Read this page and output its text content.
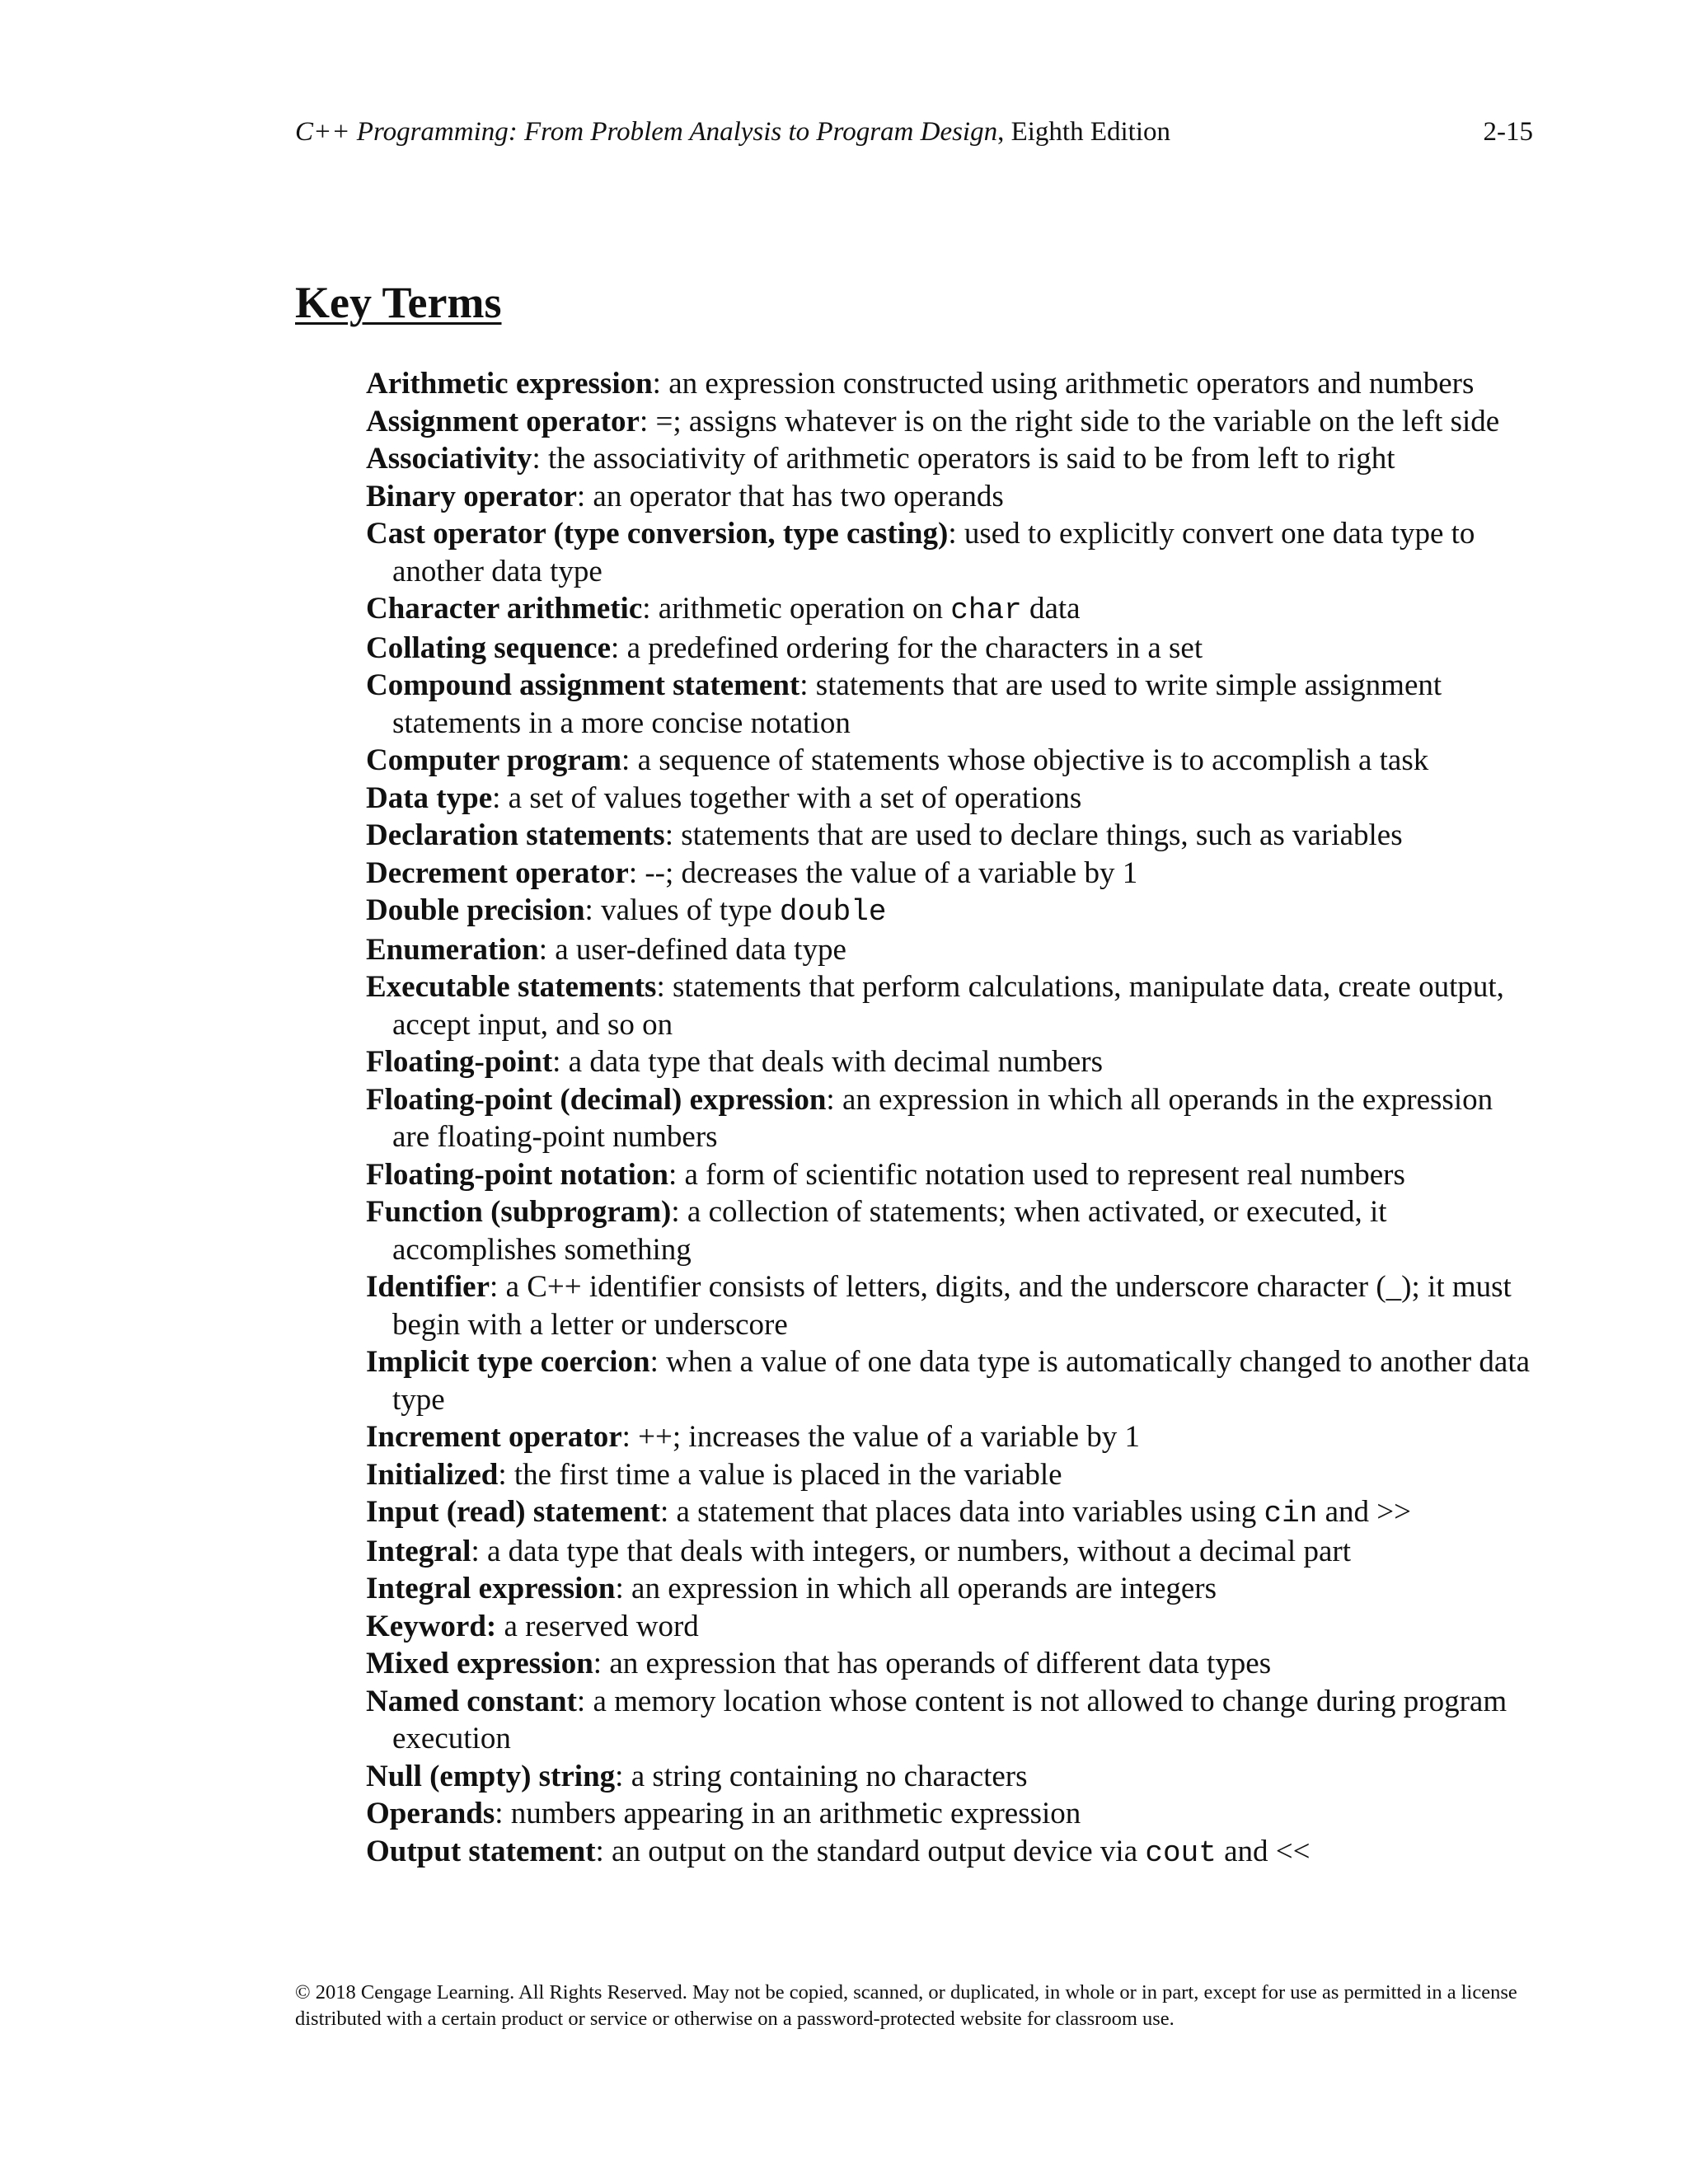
C++ Programming: From Problem Analysis to Program Design, Eighth Edition	2-15
Key Terms
Arithmetic expression: an expression constructed using arithmetic operators and numbers
Assignment operator: =; assigns whatever is on the right side to the variable on the left side
Associativity: the associativity of arithmetic operators is said to be from left to right
Binary operator: an operator that has two operands
Cast operator (type conversion, type casting): used to explicitly convert one data type to another data type
Character arithmetic: arithmetic operation on char data
Collating sequence: a predefined ordering for the characters in a set
Compound assignment statement: statements that are used to write simple assignment statements in a more concise notation
Computer program: a sequence of statements whose objective is to accomplish a task
Data type: a set of values together with a set of operations
Declaration statements: statements that are used to declare things, such as variables
Decrement operator: --; decreases the value of a variable by 1
Double precision: values of type double
Enumeration: a user-defined data type
Executable statements: statements that perform calculations, manipulate data, create output, accept input, and so on
Floating-point: a data type that deals with decimal numbers
Floating-point (decimal) expression: an expression in which all operands in the expression are floating-point numbers
Floating-point notation: a form of scientific notation used to represent real numbers
Function (subprogram): a collection of statements; when activated, or executed, it accomplishes something
Identifier: a C++ identifier consists of letters, digits, and the underscore character (_); it must begin with a letter or underscore
Implicit type coercion: when a value of one data type is automatically changed to another data type
Increment operator: ++; increases the value of a variable by 1
Initialized: the first time a value is placed in the variable
Input (read) statement: a statement that places data into variables using cin and >>
Integral: a data type that deals with integers, or numbers, without a decimal part
Integral expression: an expression in which all operands are integers
Keyword: a reserved word
Mixed expression: an expression that has operands of different data types
Named constant: a memory location whose content is not allowed to change during program execution
Null (empty) string: a string containing no characters
Operands: numbers appearing in an arithmetic expression
Output statement: an output on the standard output device via cout and <<
© 2018 Cengage Learning. All Rights Reserved. May not be copied, scanned, or duplicated, in whole or in part, except for use as permitted in a license distributed with a certain product or service or otherwise on a password-protected website for classroom use.
